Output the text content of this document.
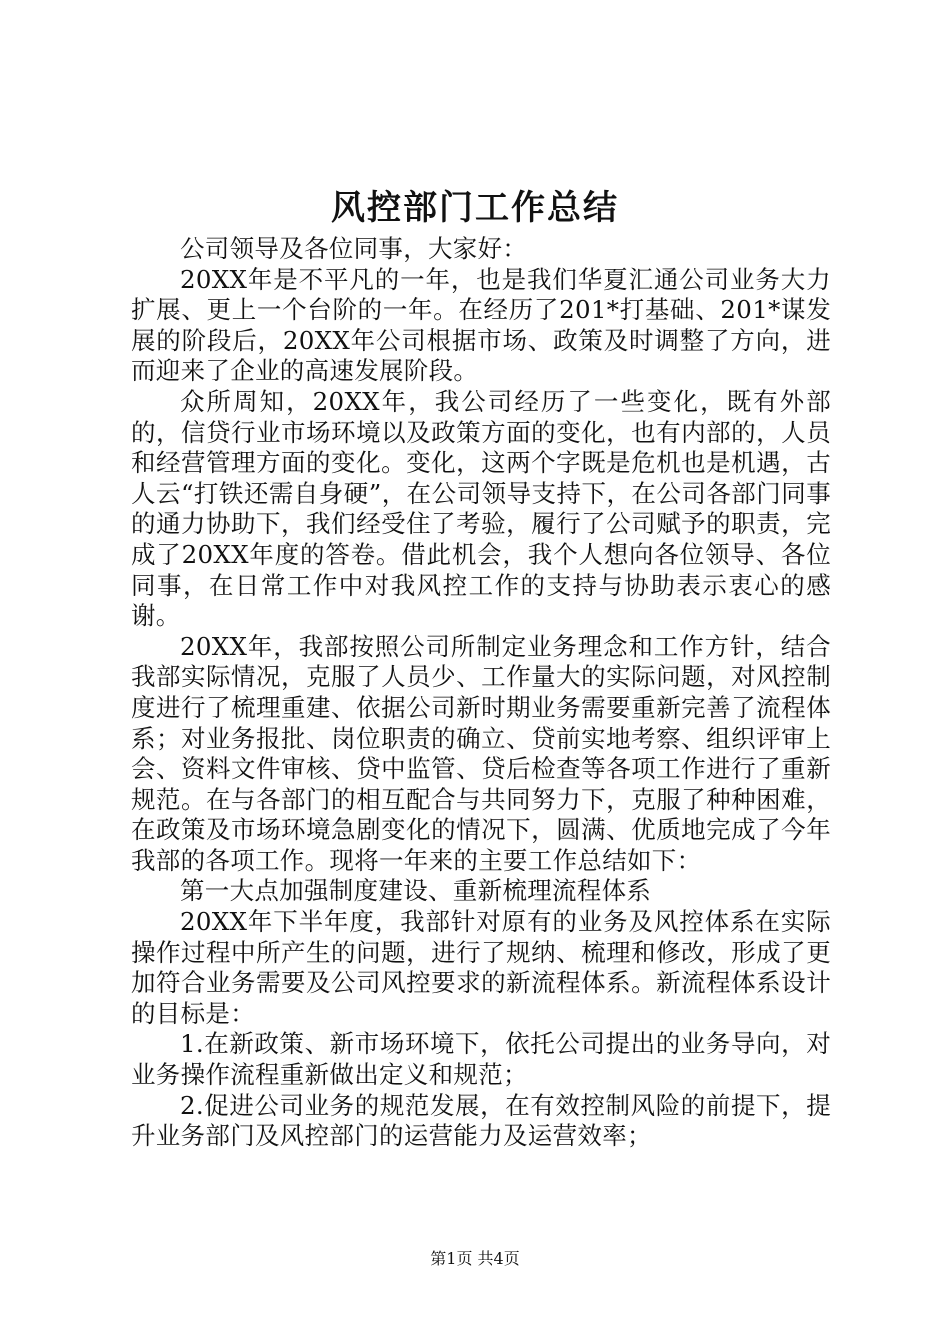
风控部门工作总结

公司领导及各位同事，大家好：

20XX年是不平凡的一年，也是我们华夏汇通公司业务大力扩展、更上一个台阶的一年。在经历了201*打基础、201*谋发展的阶段后，20XX年公司根据市场、政策及时调整了方向，进而迎来了企业的高速发展阶段。

众所周知，20XX年，我公司经历了一些变化，既有外部的，信贷行业市场环境以及政策方面的变化，也有内部的，人员和经营管理方面的变化。变化，这两个字既是危机也是机遇，古人云“打铁还需自身硬”，在公司领导支持下，在公司各部门同事的通力协助下，我们经受住了考验，履行了公司赋予的职责，完成了20XX年度的答卷。借此机会，我个人想向各位领导、各位同事，在日常工作中对我风控工作的支持与协助表示衷心的感谢。

20XX年，我部按照公司所制定业务理念和工作方针，结合我部实际情况，克服了人员少、工作量大的实际问题，对风控制度进行了梳理重建、依据公司新时期业务需要重新完善了流程体系；对业务报批、岗位职责的确立、贷前实地考察、组织评审上会、资料文件审核、贷中监管、贷后检查等各项工作进行了重新规范。在与各部门的相互配合与共同努力下，克服了种种困难，在政策及市场环境急剧变化的情况下，圆满、优质地完成了今年我部的各项工作。现将一年来的主要工作总结如下：

第一大点加强制度建设、重新梳理流程体系

20XX年下半年度，我部针对原有的业务及风控体系在实际操作过程中所产生的问题，进行了规纳、梳理和修改，形成了更加符合业务需要及公司风控要求的新流程体系。新流程体系设计的目标是：

1.在新政策、新市场环境下，依托公司提出的业务导向，对业务操作流程重新做出定义和规范；

2.促进公司业务的规范发展，在有效控制风险的前提下，提升业务部门及风控部门的运营能力及运营效率；

第1页 共4页
